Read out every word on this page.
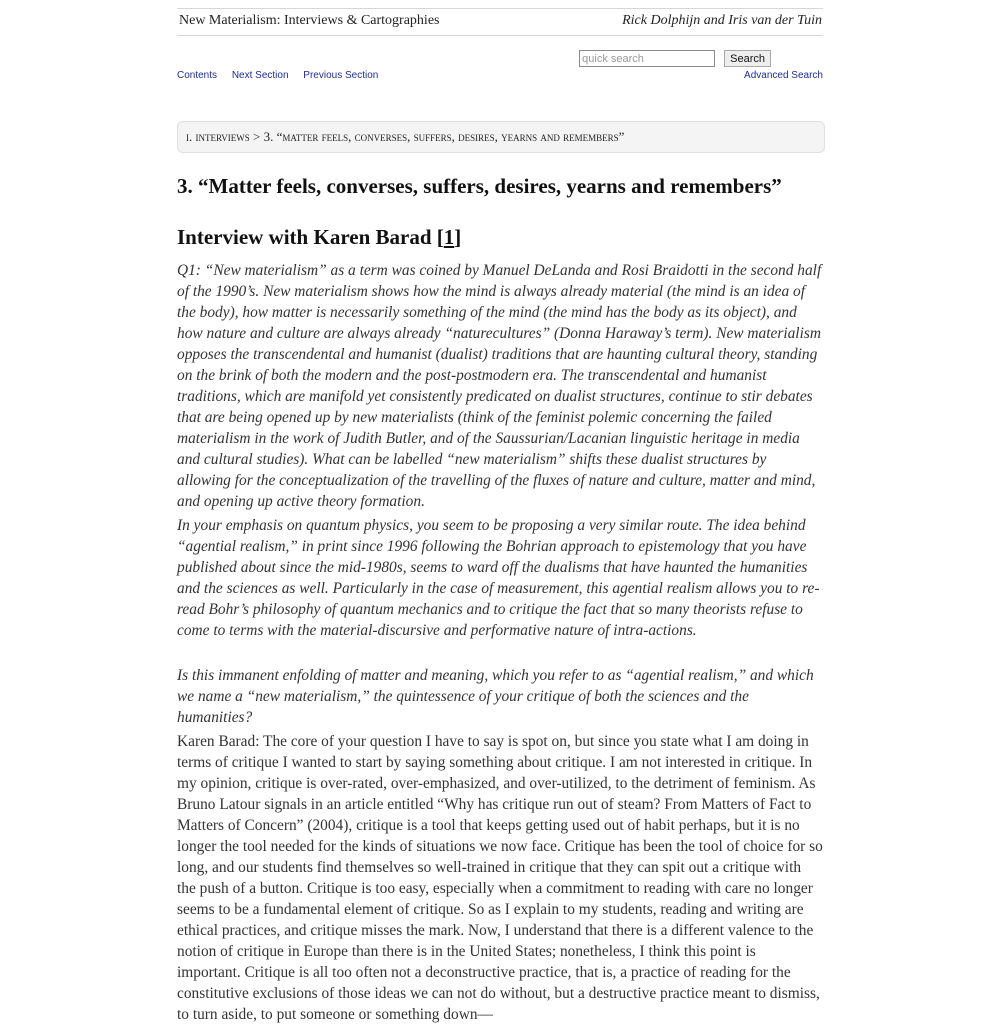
New Materialism: Interviews & Cartographies	Rick Dolphijn and Iris van der Tuin
quick search Search
Contents Next Section Previous Section	Advanced Search
i. interviews > 3. “matter feels, converses, suffers, desires, yearns and remembers”
3. “Matter feels, converses, suffers, desires, yearns and remembers”
Interview with Karen Barad [1]

Q1: “New materialism” as a term was coined by Manuel DeLanda and Rosi Braidotti in the second half of the 1990’s. New materialism shows how the mind is always already material (the mind is an idea of the body), how matter is necessarily something of the mind (the mind has the body as its object), and how nature and culture are always already “naturecultures” (Donna Haraway’s term). New materialism opposes the transcendental and humanist (dualist) traditions that are haunting cultural theory, standing on the brink of both the modern and the post-postmodern era. The transcendental and humanist traditions, which are manifold yet consistently predicated on dualist structures, continue to stir debates that are being opened up by new materialists (think of the feminist polemic concerning the failed materialism in the work of Judith Butler, and of the Saussurian/Lacanian linguistic heritage in media and cultural studies). What can be labelled “new materialism” shifts these dualist structures by allowing for the conceptualization of the travelling of the fluxes of nature and culture, matter and mind, and opening up active theory formation.

In your emphasis on quantum physics, you seem to be proposing a very similar route. The idea behind “agential realism,” in print since 1996 following the Bohrian approach to epistemology that you have published about since the mid-1980s, seems to ward off the dualisms that have haunted the humanities and the sciences as well. Particularly in the case of measurement, this agential realism allows you to re-read Bohr’s philosophy of quantum mechanics and to critique the fact that so many theorists refuse to come to terms with the material-discursive and performative nature of intra-actions.

Is this immanent enfolding of matter and meaning, which you refer to as “agential realism,” and which we name a “new materialism,” the quintessence of your critique of both the sciences and the humanities?

Karen Barad: The core of your question I have to say is spot on, but since you state what I am doing in terms of critique I wanted to start by saying something about critique. I am not interested in critique. In my opinion, critique is over-rated, over-emphasized, and over-utilized, to the detriment of feminism. As Bruno Latour signals in an article entitled “Why has critique run out of steam? From Matters of Fact to Matters of Concern” (2004), critique is a tool that keeps getting used out of habit perhaps, but it is no longer the tool needed for the kinds of situations we now face. Critique has been the tool of choice for so long, and our students find themselves so well-trained in critique that they can spit out a critique with the push of a button. Critique is too easy, especially when a commitment to reading with care no longer seems to be a fundamental element of critique. So as I explain to my students, reading and writing are ethical practices, and critique misses the mark. Now, I understand that there is a different valence to the notion of critique in Europe than there is in the United States; nonetheless, I think this point is important. Critique is all too often not a deconstructive practice, that is, a practice of reading for the constitutive exclusions of those ideas we can not do without, but a destructive practice meant to dismiss, to turn aside, to put someone or something down—
